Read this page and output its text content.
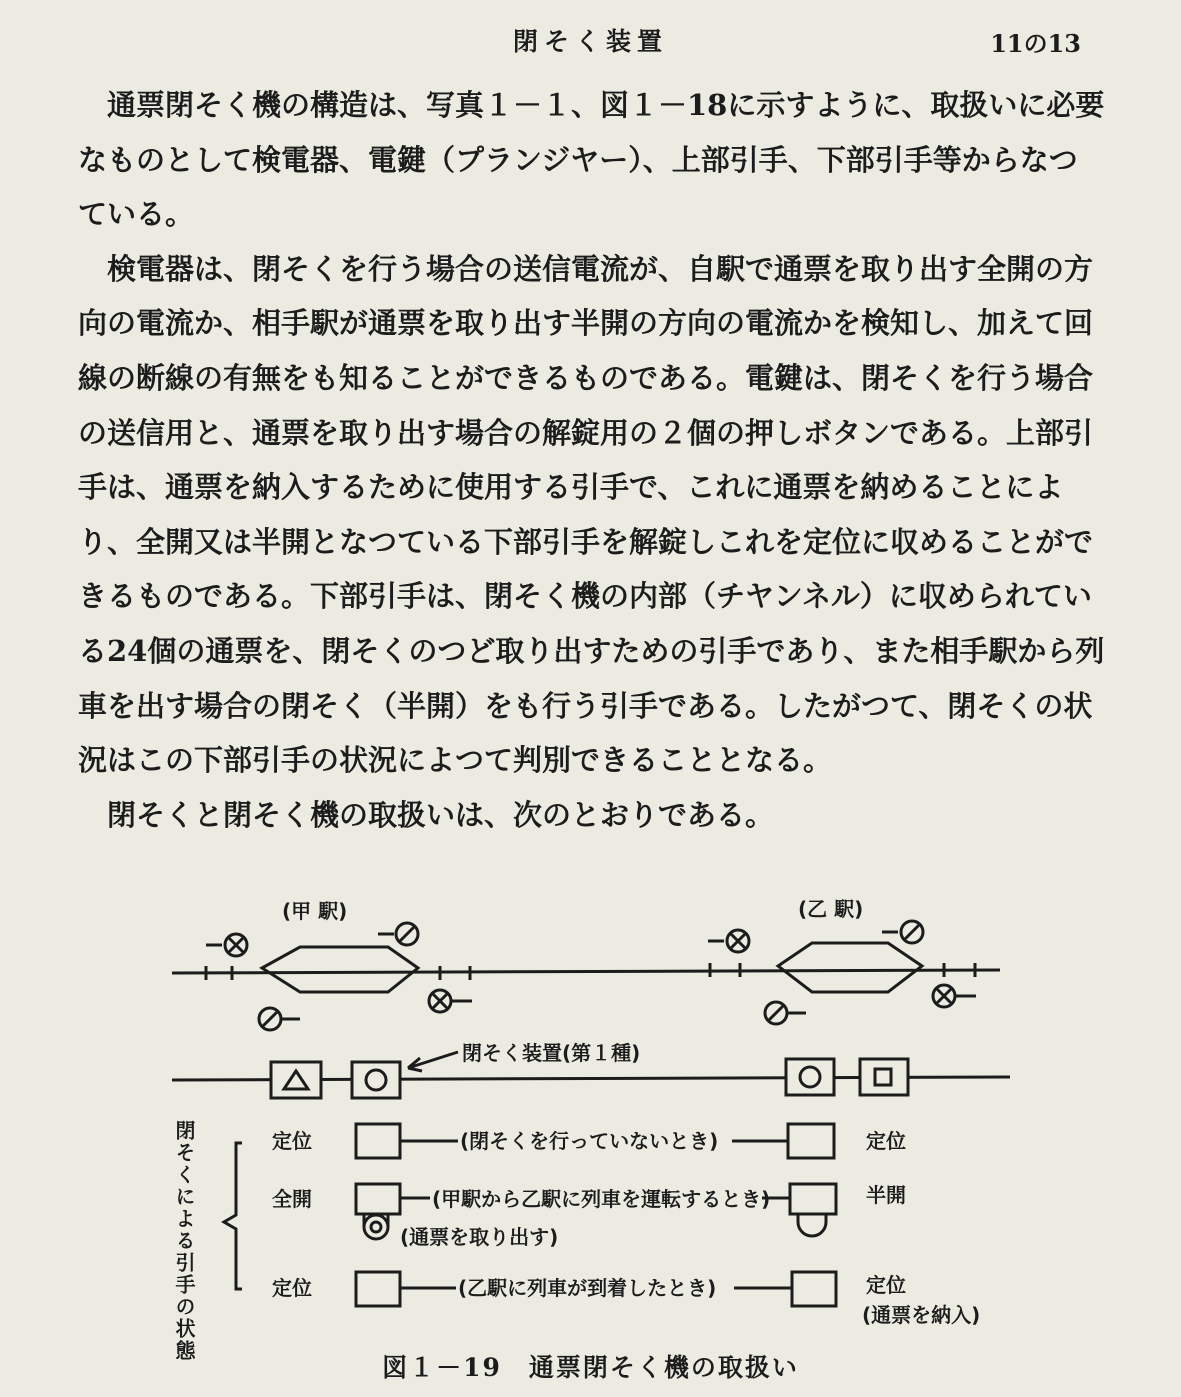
閉そく装置	11の13

通票閉そく機の構造は、写真１－１、図１－18に示すように、取扱いに必要
なものとして検電器、電鍵（プランジヤー）、上部引手、下部引手等からなつ
ている。

検電器は、閉そくを行う場合の送信電流が、自駅で通票を取り出す全開の方
向の電流か、相手駅が通票を取り出す半開の方向の電流かを検知し、加えて回
線の断線の有無をも知ることができるものである。電鍵は、閉そくを行う場合
の送信用と、通票を取り出す場合の解錠用の２個の押しボタンである。上部引
手は、通票を納入するために使用する引手で、これに通票を納めることによ
り、全開又は半開となつている下部引手を解錠しこれを定位に収めることがで
きるものである。下部引手は、閉そく機の内部（チヤンネル）に収められてい
る24個の通票を、閉そくのつど取り出すための引手であり、また相手駅から列
車を出す場合の閉そく（半開）をも行う引手である。したがつて、閉そくの状
況はこの下部引手の状況によつて判別できることとなる。

閉そくと閉そく機の取扱いは、次のとおりである。

(甲 駅)	(乙 駅)
閉そく装置(第１種)
定位	(閉そくを行っていないとき)	定位
全開	(甲駅から乙駅に列車を運転するとき)	半開
(通票を取り出す)
定位	(乙駅に列車が到着したとき)	定位
(通票を納入)
閉そくによる引手の状態
図１－19　通票閉そく機の取扱い
